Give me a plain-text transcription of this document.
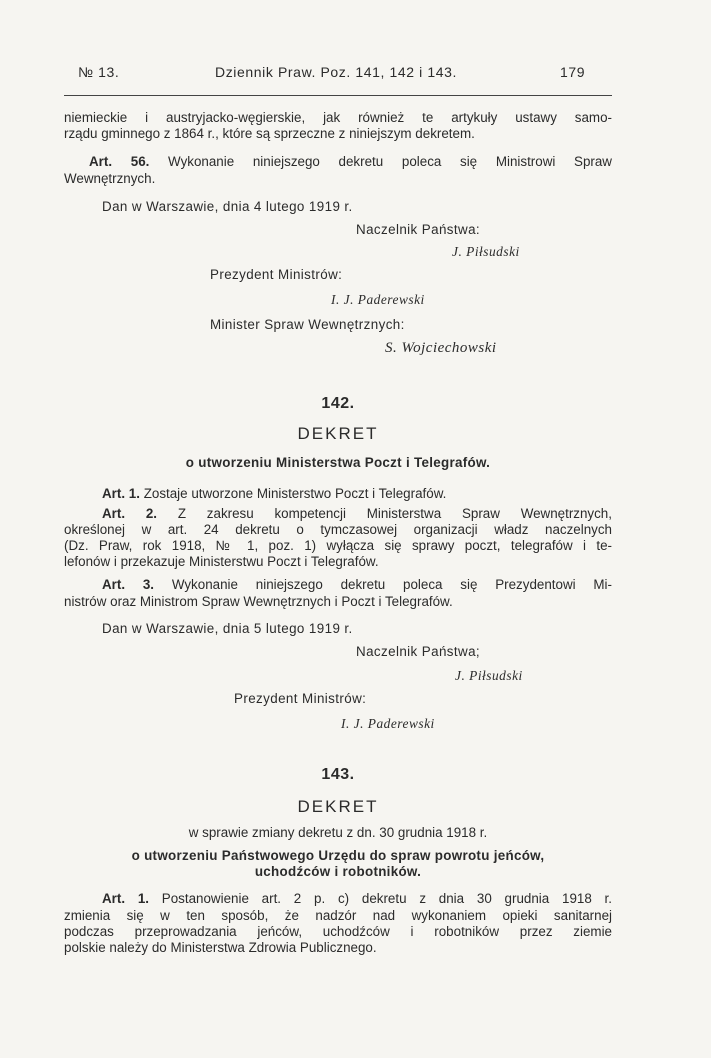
№ 13.	Dziennik Praw. Poz. 141, 142 i 143.	179
niemieckie i austryjacko-węgierskie, jak również te artykuły ustawy samo-
rządu gminnego z 1864 r., które są sprzeczne z niniejszym dekretem.
Art. 56. Wykonanie niniejszego dekretu poleca się Ministrowi Spraw
Wewnętrznych.
Dan w Warszawie, dnia 4 lutego 1919 r.
Naczelnik Państwa:
J. Piłsudski
Prezydent Ministrów:
I. J. Paderewski
Minister Spraw Wewnętrznych:
S. Wojciechowski
142.
DEKRET
o utworzeniu Ministerstwa Poczt i Telegrafów.
Art. 1. Zostaje utworzone Ministerstwo Poczt i Telegrafów.
Art. 2. Z zakresu kompetencji Ministerstwa Spraw Wewnętrznych,
określonej w art. 24 dekretu o tymczasowej organizacji władz naczelnych
(Dz. Praw, rok 1918, № 1, poz. 1) wyłącza się sprawy poczt, telegrafów i te-
lefonów i przekazuje Ministerstwu Poczt i Telegrafów.
Art. 3. Wykonanie niniejszego dekretu poleca się Prezydentowi Mi-
nistrów oraz Ministrom Spraw Wewnętrznych i Poczt i Telegrafów.
Dan w Warszawie, dnia 5 lutego 1919 r.
Naczelnik Państwa;
J. Piłsudski
Prezydent Ministrów:
I. J. Paderewski
143.
DEKRET
w sprawie zmiany dekretu z dn. 30 grudnia 1918 r.
o utworzeniu Państwowego Urzędu do spraw powrotu jeńców,
uchodźców i robotników.
Art. 1. Postanowienie art. 2 p. c) dekretu z dnia 30 grudnia 1918 r.
zmienia się w ten sposób, że nadzór nad wykonaniem opieki sanitarnej
podczas przeprowadzania jeńców, uchodźców i robotników przez ziemie
polskie należy do Ministerstwa Zdrowia Publicznego.
